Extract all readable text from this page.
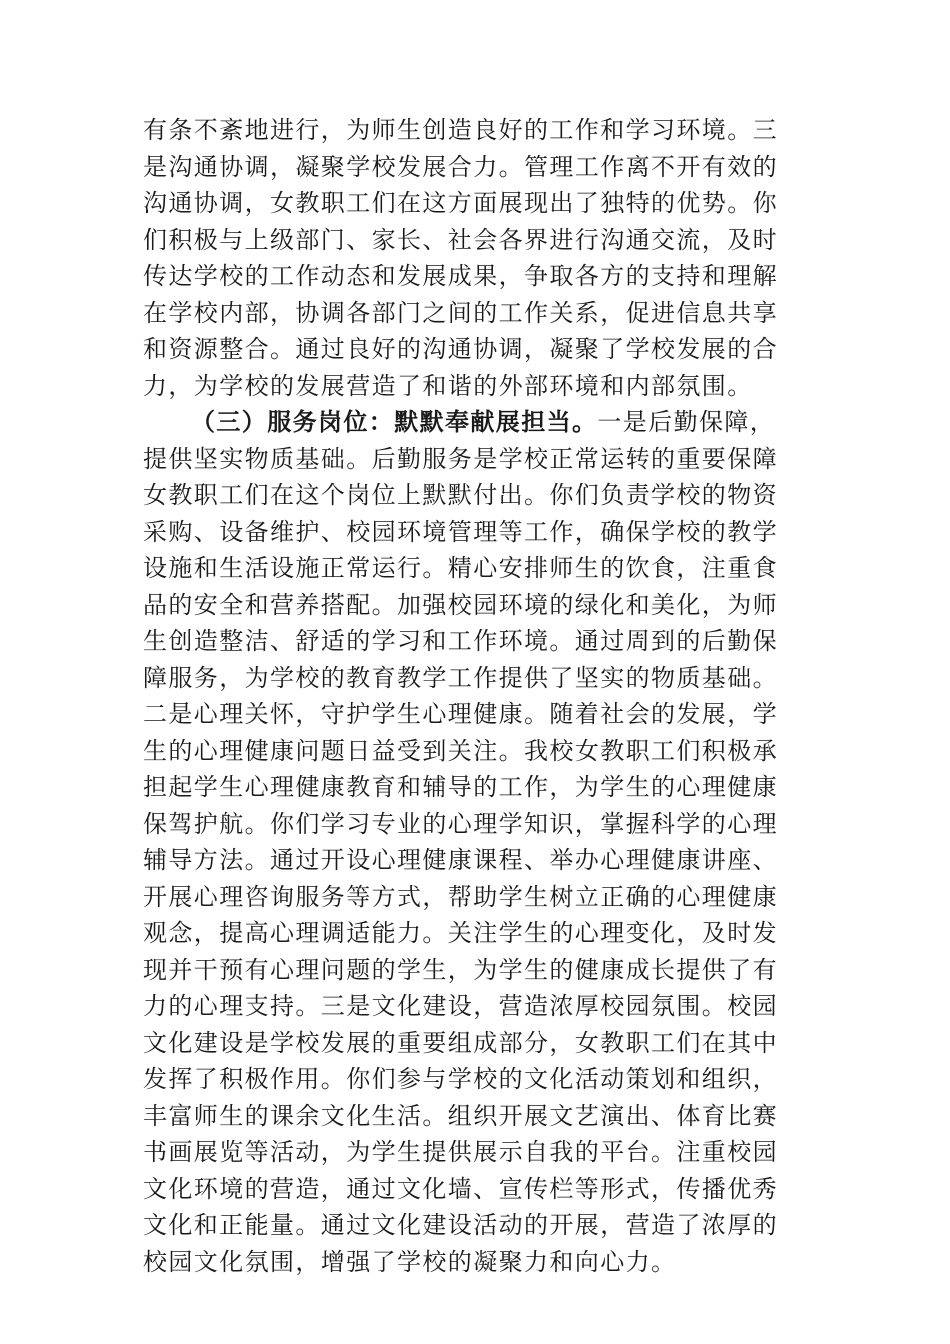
有条不紊地进行，为师生创造良好的工作和学习环境。三
是沟通协调，凝聚学校发展合力。管理工作离不开有效的
沟通协调，女教职工们在这方面展现出了独特的优势。你
们积极与上级部门、家长、社会各界进行沟通交流，及时
传达学校的工作动态和发展成果，争取各方的支持和理解
在学校内部，协调各部门之间的工作关系，促进信息共享
和资源整合。通过良好的沟通协调，凝聚了学校发展的合
力，为学校的发展营造了和谐的外部环境和内部氛围。
（三）服务岗位：默默奉献展担当。一是后勤保障，
提供坚实物质基础。后勤服务是学校正常运转的重要保障
女教职工们在这个岗位上默默付出。你们负责学校的物资
采购、设备维护、校园环境管理等工作，确保学校的教学
设施和生活设施正常运行。精心安排师生的饮食，注重食
品的安全和营养搭配。加强校园环境的绿化和美化，为师
生创造整洁、舒适的学习和工作环境。通过周到的后勤保
障服务，为学校的教育教学工作提供了坚实的物质基础。
二是心理关怀，守护学生心理健康。随着社会的发展，学
生的心理健康问题日益受到关注。我校女教职工们积极承
担起学生心理健康教育和辅导的工作，为学生的心理健康
保驾护航。你们学习专业的心理学知识，掌握科学的心理
辅导方法。通过开设心理健康课程、举办心理健康讲座、
开展心理咨询服务等方式，帮助学生树立正确的心理健康
观念，提高心理调适能力。关注学生的心理变化，及时发
现并干预有心理问题的学生，为学生的健康成长提供了有
力的心理支持。三是文化建设，营造浓厚校园氛围。校园
文化建设是学校发展的重要组成部分，女教职工们在其中
发挥了积极作用。你们参与学校的文化活动策划和组织，
丰富师生的课余文化生活。组织开展文艺演出、体育比赛
书画展览等活动，为学生提供展示自我的平台。注重校园
文化环境的营造，通过文化墙、宣传栏等形式，传播优秀
文化和正能量。通过文化建设活动的开展，营造了浓厚的
校园文化氛围，增强了学校的凝聚力和向心力。
